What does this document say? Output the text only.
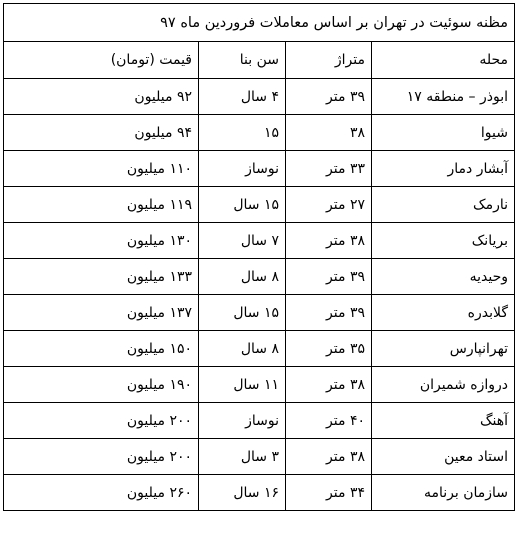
مظنه سوئیت در تهران بر اساس معاملات فروردین ماه ۹۷			
محله	متراژ	سن بنا	قیمت (تومان)
ابوذر – منطقه ۱۷	۳۹ متر	۴ سال	۹۲ میلیون
شیوا	۳۸	۱۵	۹۴ میلیون
آبشار دمار	۳۳ متر	نوساز	۱۱۰ میلیون
نارمک	۲۷ متر	۱۵ سال	۱۱۹ میلیون
بریانک	۳۸ متر	۷ سال	۱۳۰ میلیون
وحیدیه	۳۹ متر	۸ سال	۱۳۳ میلیون
گلابدره	۳۹ متر	۱۵ سال	۱۳۷ میلیون
تهرانپارس	۳۵ متر	۸ سال	۱۵۰ میلیون
دروازه شمیران	۳۸ متر	۱۱ سال	۱۹۰ میلیون
آهنگ	۴۰ متر	نوساز	۲۰۰ میلیون
استاد معین	۳۸ متر	۳ سال	۲۰۰ میلیون
سازمان برنامه	۳۴ متر	۱۶ سال	۲۶۰ میلیون
